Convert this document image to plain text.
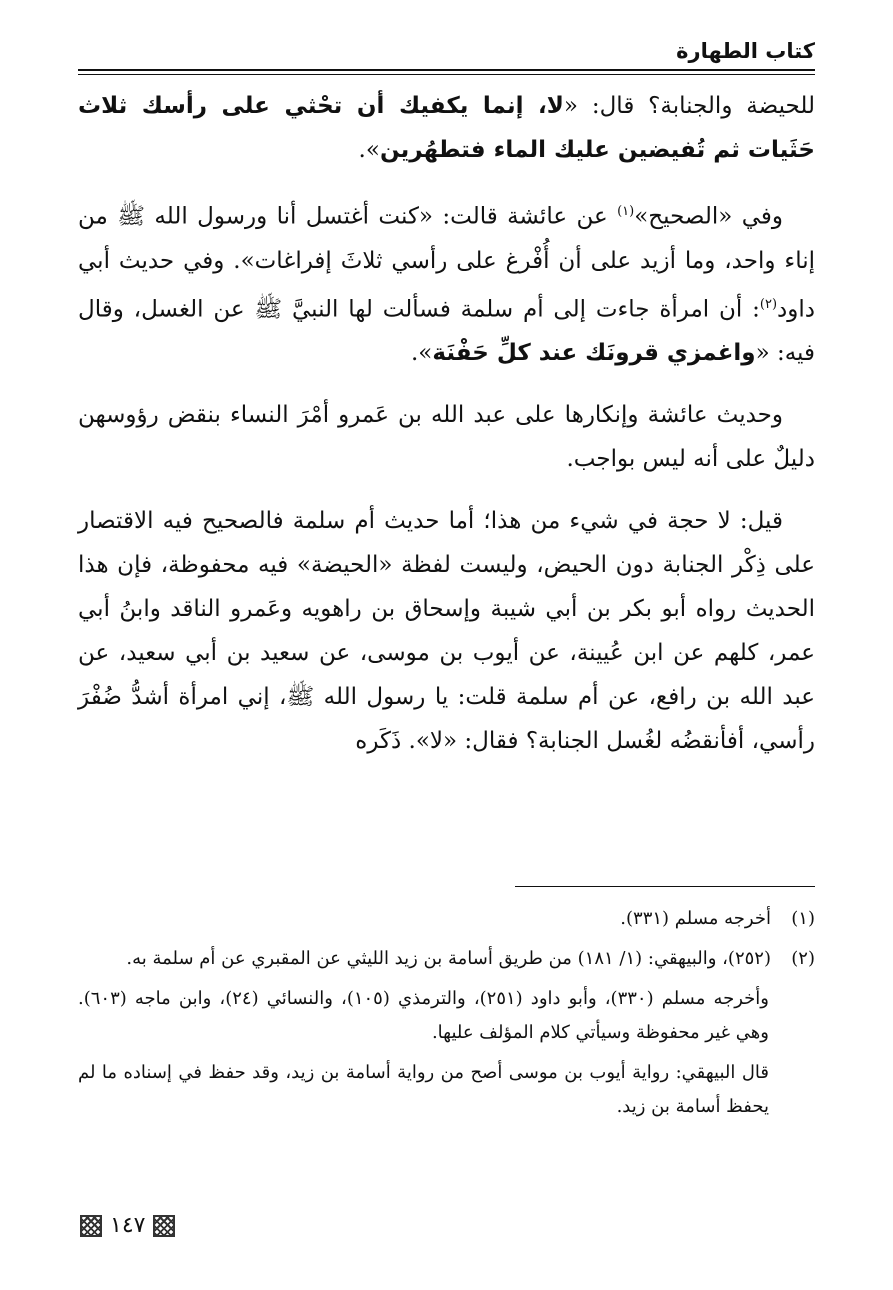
كتاب الطهارة

للحيضة والجنابة؟ قال: «لا، إنما يكفيك أن تحْثي على رأسك ثلاث حَثَيات ثم تُفيضين عليك الماء فتطهُرين».

وفي «الصحيح»$^{(١)}$ عن عائشة قالت: «كنت أغتسل أنا ورسول الله ﷺ من إناء واحد، وما أزيد على أن أُفْرغ على رأسي ثلاثَ إفراغات». وفي حديث أبي داود$^{(٢)}$: أن امرأة جاءت إلى أم سلمة فسألت لها النبيَّ ﷺ عن الغسل، وقال فيه: «واغمزي قرونَك عند كلِّ حَفْنَة».

وحديث عائشة وإنكارها على عبد الله بن عَمرو أمْرَ النساء بنقض رؤوسهن دليلٌ على أنه ليس بواجب.

قيل: لا حجة في شيء من هذا؛ أما حديث أم سلمة فالصحيح فيه الاقتصار على ذِكْر الجنابة دون الحيض، وليست لفظة «الحيضة» فيه محفوظة، فإن هذا الحديث رواه أبو بكر بن أبي شيبة وإسحاق بن راهويه وعَمرو الناقد وابنُ أبي عمر، كلهم عن ابن عُيينة، عن أيوب بن موسى، عن سعيد بن أبي سعيد، عن عبد الله بن رافع، عن أم سلمة قلت: يا رسول الله ﷺ، إني امرأة أشدُّ ضُفْرَ رأسي، أفأنقضُه لغُسل الجنابة؟ فقال: «لا». ذَكَره

(١)أخرجه مسلم (٣٣١).

(٢)(٢٥٢)، والبيهقي: (١/ ١٨١) من طريق أسامة بن زيد الليثي عن المقبري عن أم سلمة به.

وأخرجه مسلم (٣٣٠)، وأبو داود (٢٥١)، والترمذي (١٠٥)، والنسائي (٢٤)، وابن ماجه (٦٠٣). وهي غير محفوظة وسيأتي كلام المؤلف عليها.

قال البيهقي: رواية أيوب بن موسى أصح من رواية أسامة بن زيد، وقد حفظ في إسناده ما لم يحفظ أسامة بن زيد.

١٤٧
